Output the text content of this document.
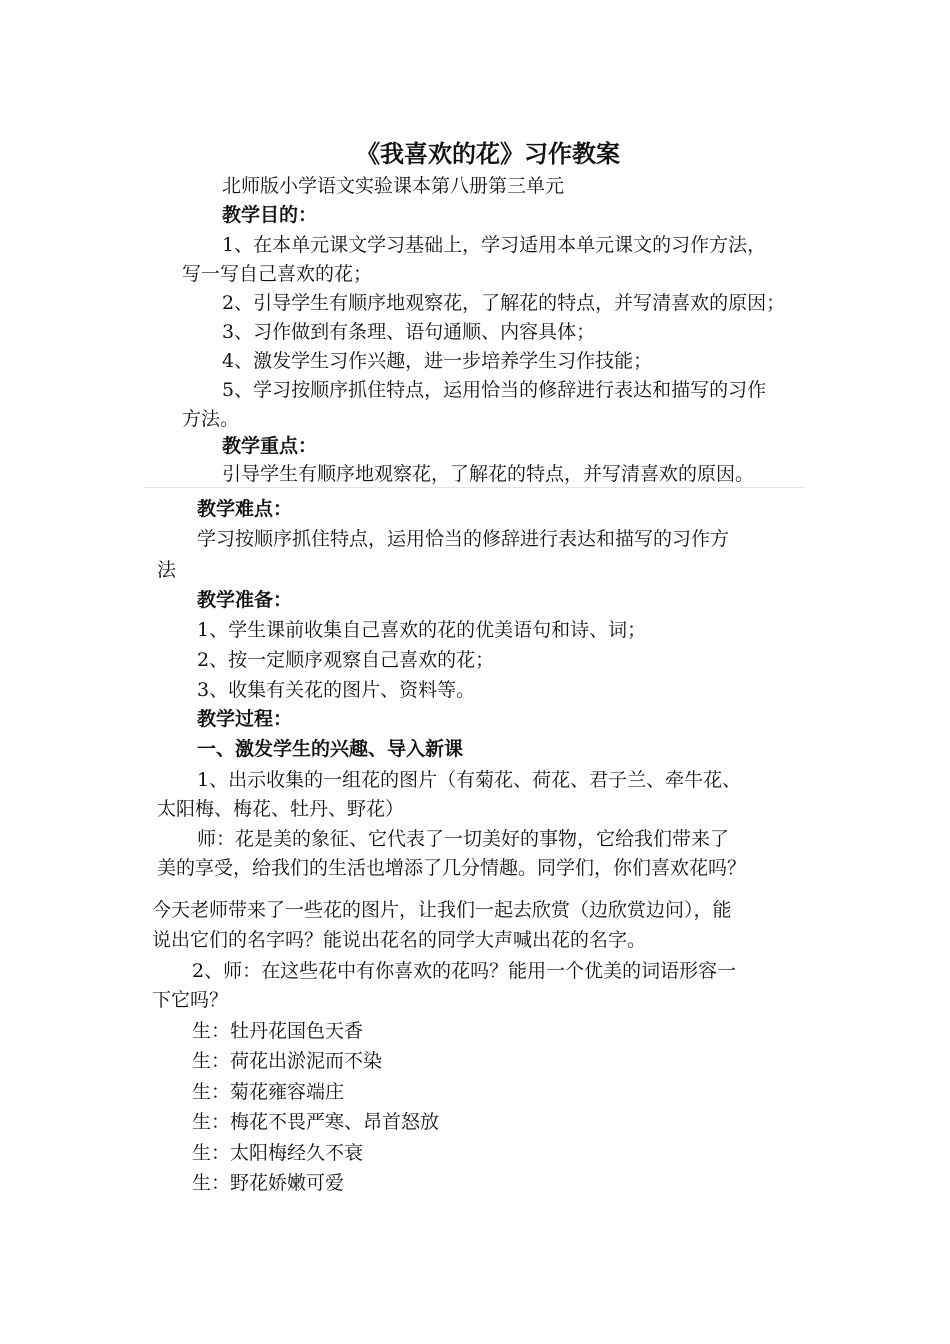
《我喜欢的花》习作教案
北师版小学语文实验课本第八册第三单元
教学目的：
1、在本单元课文学习基础上，学习适用本单元课文的习作方法，
写一写自己喜欢的花；
2、引导学生有顺序地观察花，了解花的特点，并写清喜欢的原因；
3、习作做到有条理、语句通顺、内容具体；
4、激发学生习作兴趣，进一步培养学生习作技能；
5、学习按顺序抓住特点，运用恰当的修辞进行表达和描写的习作
方法。
教学重点：
引导学生有顺序地观察花，了解花的特点，并写清喜欢的原因。
教学难点：
学习按顺序抓住特点，运用恰当的修辞进行表达和描写的习作方
法
教学准备：
1、学生课前收集自己喜欢的花的优美语句和诗、词；
2、按一定顺序观察自己喜欢的花；
3、收集有关花的图片、资料等。
教学过程：
一、激发学生的兴趣、导入新课
1、出示收集的一组花的图片（有菊花、荷花、君子兰、牵牛花、
太阳梅、梅花、牡丹、野花）
师：花是美的象征、它代表了一切美好的事物，它给我们带来了
美的享受，给我们的生活也增添了几分情趣。同学们，你们喜欢花吗？
今天老师带来了一些花的图片，让我们一起去欣赏（边欣赏边问），能
说出它们的名字吗？能说出花名的同学大声喊出花的名字。
2、师：在这些花中有你喜欢的花吗？能用一个优美的词语形容一
下它吗？
生：牡丹花国色天香
生：荷花出淤泥而不染
生：菊花雍容端庄
生：梅花不畏严寒、昂首怒放
生：太阳梅经久不衰
生：野花娇嫩可爱
